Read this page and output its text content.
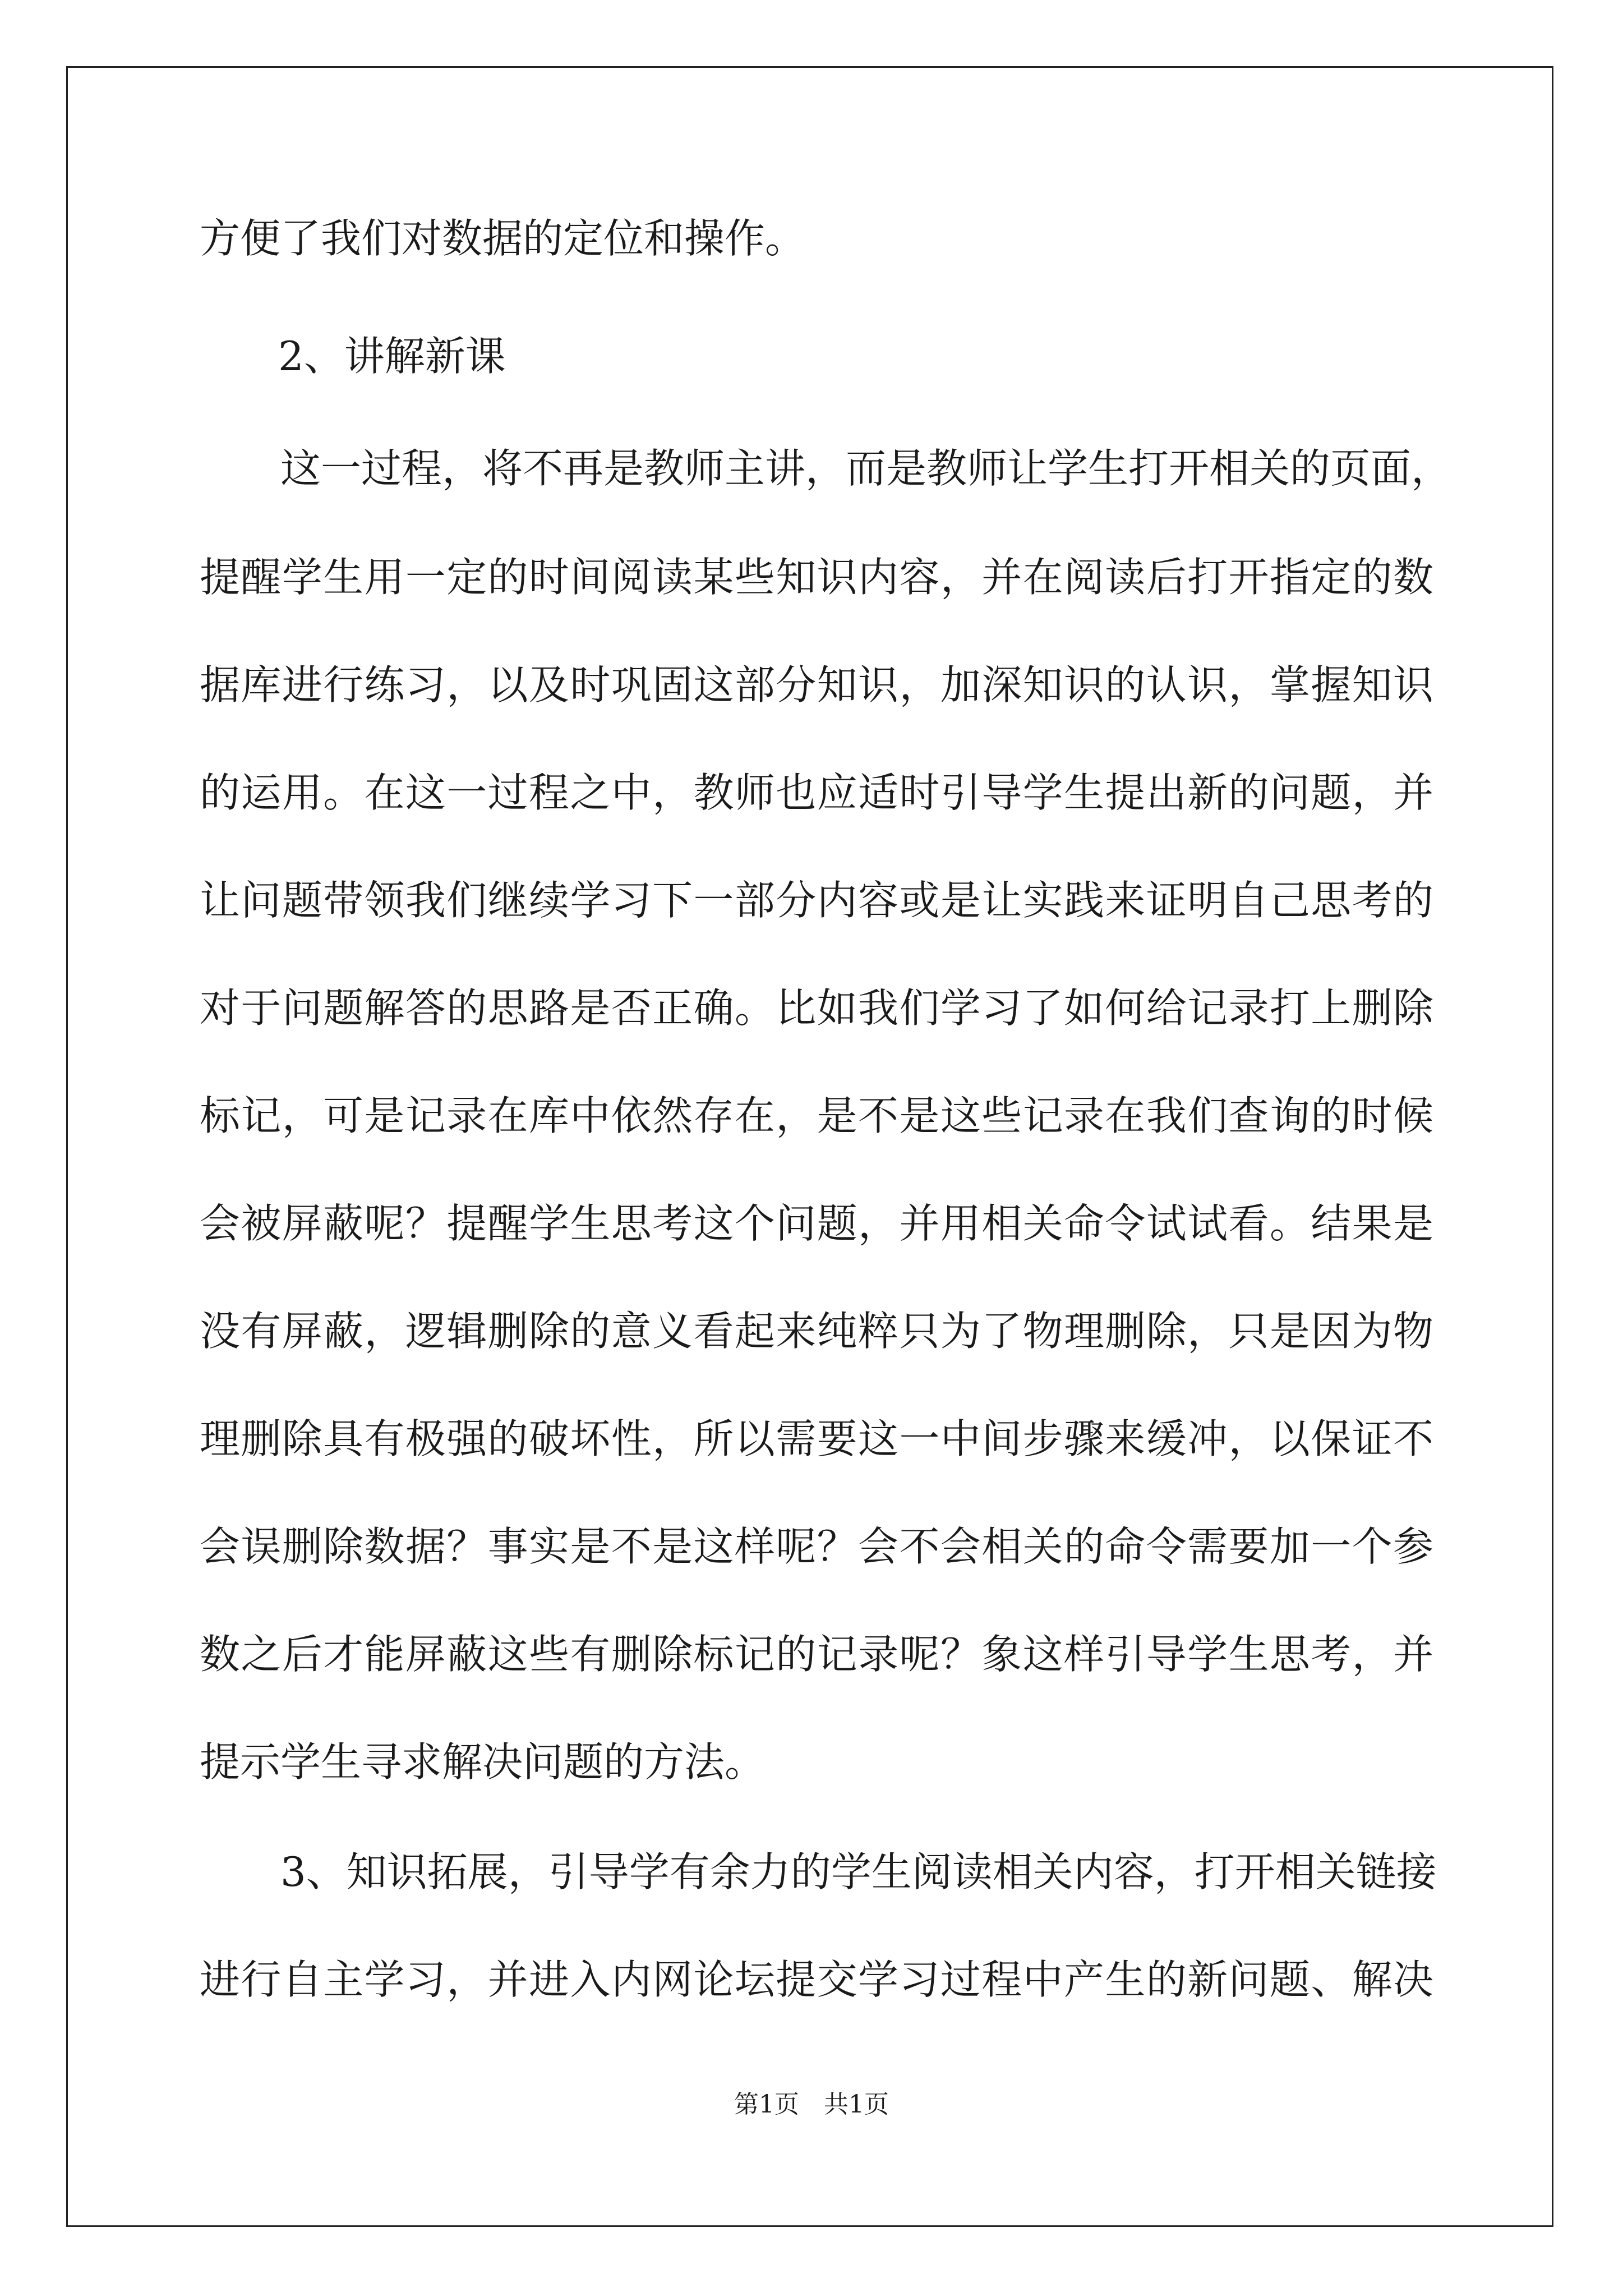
方便了我们对数据的定位和操作。
2、讲解新课
这一过程，将不再是教师主讲，而是教师让学生打开相关的页面，
提醒学生用一定的时间阅读某些知识内容，并在阅读后打开指定的数
据库进行练习，以及时巩固这部分知识，加深知识的认识，掌握知识
的运用。在这一过程之中，教师也应适时引导学生提出新的问题，并
让问题带领我们继续学习下一部分内容或是让实践来证明自己思考的
对于问题解答的思路是否正确。比如我们学习了如何给记录打上删除
标记，可是记录在库中依然存在，是不是这些记录在我们查询的时候
会被屏蔽呢？提醒学生思考这个问题，并用相关命令试试看。结果是
没有屏蔽，逻辑删除的意义看起来纯粹只为了物理删除，只是因为物
理删除具有极强的破坏性，所以需要这一中间步骤来缓冲，以保证不
会误删除数据？事实是不是这样呢？会不会相关的命令需要加一个参
数之后才能屏蔽这些有删除标记的记录呢？象这样引导学生思考，并
提示学生寻求解决问题的方法。
3、知识拓展，引导学有余力的学生阅读相关内容，打开相关链接
进行自主学习，并进入内网论坛提交学习过程中产生的新问题、解决
第1页　共1页
